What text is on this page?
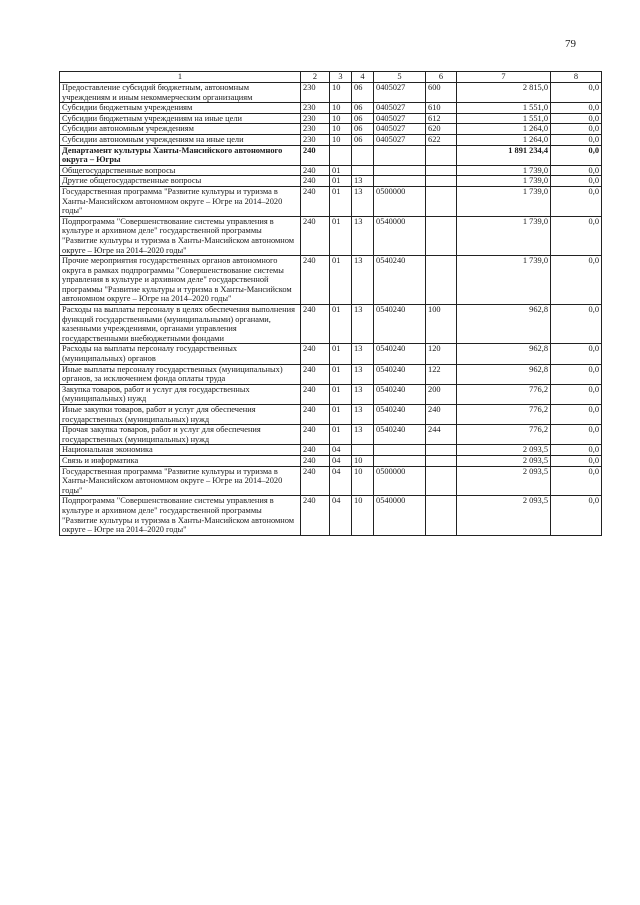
79
1	2	3	4	5	6	7	8
Предоставление субсидий бюджетным, автономным учреждениям и иным некоммерческим организациям	230	10	06	0405027	600	2 815,0	0,0
Субсидии бюджетным учреждениям	230	10	06	0405027	610	1 551,0	0,0
Субсидии бюджетным учреждениям на иные цели	230	10	06	0405027	612	1 551,0	0,0
Субсидии автономным учреждениям	230	10	06	0405027	620	1 264,0	0,0
Субсидии автономным учреждениям на иные цели	230	10	06	0405027	622	1 264,0	0,0
Департамент культуры Ханты-Мансийского автономного округа – Югры	240					1 891 234,4	0,0
Общегосударственные вопросы	240	01				1 739,0	0,0
Другие общегосударственные вопросы	240	01	13			1 739,0	0,0
Государственная программа "Развитие культуры и туризма в Ханты-Мансийском автономном округе – Югре на 2014–2020 годы"	240	01	13	0500000		1 739,0	0,0
Подпрограмма "Совершенствование системы управления в культуре и архивном деле" государственной программы "Развитие культуры и туризма в Ханты-Мансийском автономном округе – Югре на 2014–2020 годы"	240	01	13	0540000		1 739,0	0,0
Прочие мероприятия государственных органов автономного округа в рамках подпрограммы "Совершенствование системы управления в культуре и архивном деле" государственной программы "Развитие культуры и туризма в Ханты-Мансийском автономном округе – Югре на 2014–2020 годы"	240	01	13	0540240		1 739,0	0,0
Расходы на выплаты персоналу в целях обеспечения выполнения функций государственными (муниципальными) органами, казенными учреждениями, органами управления государственными внебюджетными фондами	240	01	13	0540240	100	962,8	0,0
Расходы на выплаты персоналу государственных (муниципальных) органов	240	01	13	0540240	120	962,8	0,0
Иные выплаты персоналу государственных (муниципальных) органов, за исключением фонда оплаты труда	240	01	13	0540240	122	962,8	0,0
Закупка товаров, работ и услуг для государственных (муниципальных) нужд	240	01	13	0540240	200	776,2	0,0
Иные закупки товаров, работ и услуг для обеспечения государственных (муниципальных) нужд	240	01	13	0540240	240	776,2	0,0
Прочая закупка товаров, работ и услуг для обеспечения государственных (муниципальных) нужд	240	01	13	0540240	244	776,2	0,0
Национальная экономика	240	04				2 093,5	0,0
Связь и информатика	240	04	10			2 093,5	0,0
Государственная программа "Развитие культуры и туризма в Ханты-Мансийском автономном округе – Югре на 2014–2020 годы"	240	04	10	0500000		2 093,5	0,0
Подпрограмма "Совершенствование системы управления в культуре и архивном деле" государственной программы "Развитие культуры и туризма в Ханты-Мансийском автономном округе – Югре на 2014–2020 годы"	240	04	10	0540000		2 093,5	0,0
